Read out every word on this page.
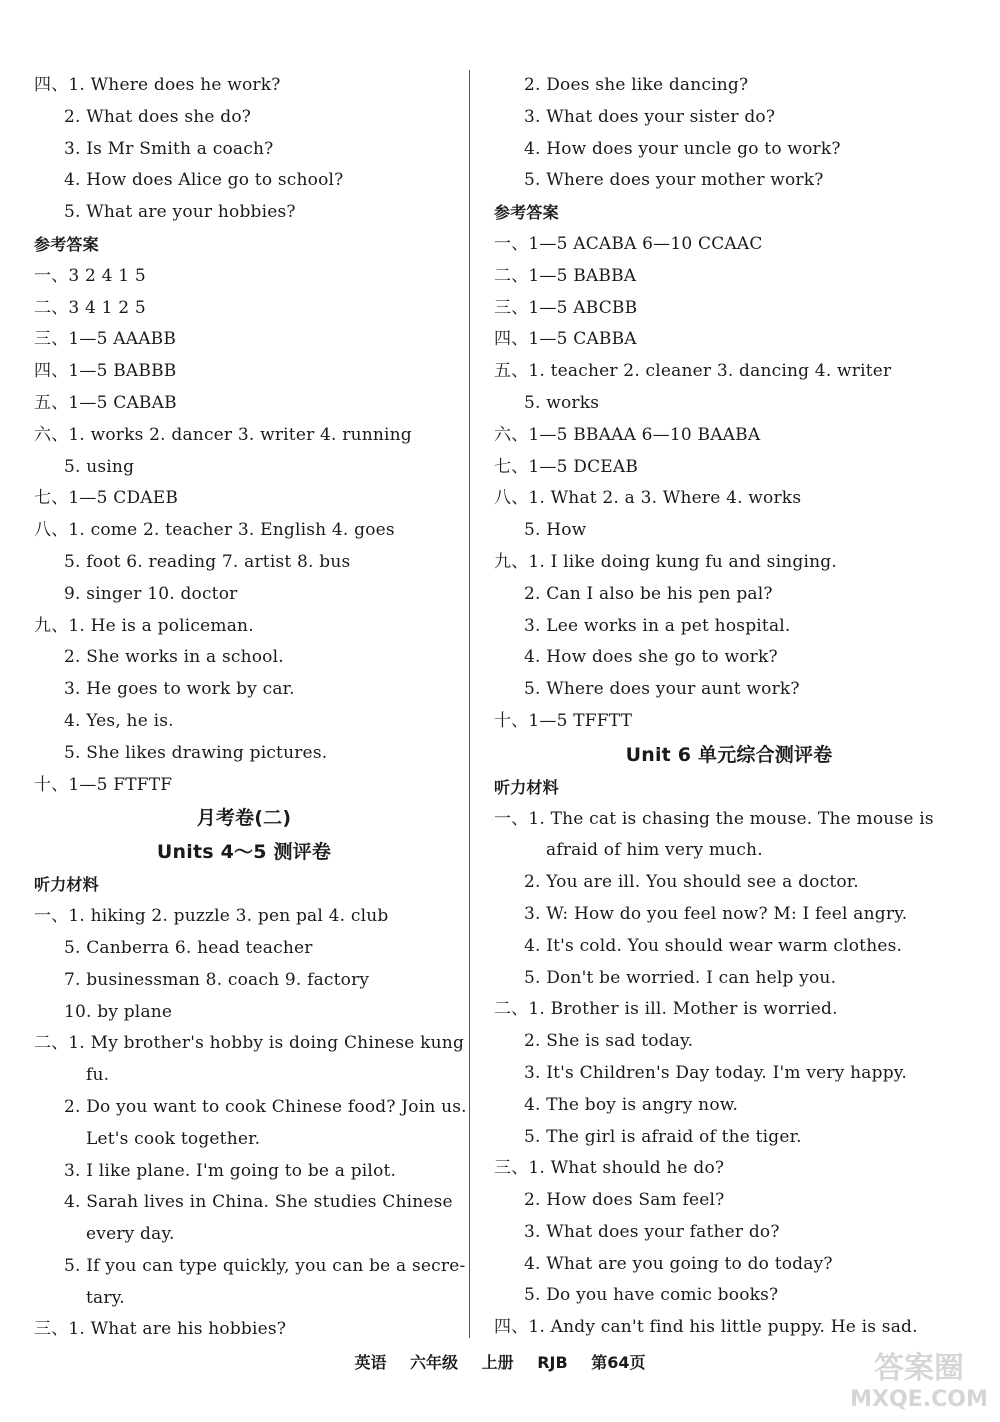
四、1. Where does he work?
2. What does she do?
3. Is Mr Smith a coach?
4. How does Alice go to school?
5. What are your hobbies?
参考答案
一、3 2 4 1 5
二、3 4 1 2 5
三、1—5 AAABB
四、1—5 BABBB
五、1—5 CABAB
六、1. works 2. dancer 3. writer 4. running
5. using
七、1—5 CDAEB
八、1. come 2. teacher 3. English 4. goes
5. foot 6. reading 7. artist 8. bus
9. singer 10. doctor
九、1. He is a policeman.
2. She works in a school.
3. He goes to work by car.
4. Yes, he is.
5. She likes drawing pictures.
十、1—5 FTFTF
月考卷(二)
Units 4～5 测评卷
听力材料
一、1. hiking 2. puzzle 3. pen pal 4. club
5. Canberra 6. head teacher
7. businessman 8. coach 9. factory
10. by plane
二、1. My brother's hobby is doing Chinese kung
fu.
2. Do you want to cook Chinese food? Join us.
Let's cook together.
3. I like plane. I'm going to be a pilot.
4. Sarah lives in China. She studies Chinese
every day.
5. If you can type quickly, you can be a secre-
tary.
三、1. What are his hobbies?
2. Does she like dancing?
3. What does your sister do?
4. How does your uncle go to work?
5. Where does your mother work?
参考答案
一、1—5 ACABA 6—10 CCAAC
二、1—5 BABBA
三、1—5 ABCBB
四、1—5 CABBA
五、1. teacher 2. cleaner 3. dancing 4. writer
5. works
六、1—5 BBAAA 6—10 BAABA
七、1—5 DCEAB
八、1. What 2. a 3. Where 4. works
5. How
九、1. I like doing kung fu and singing.
2. Can I also be his pen pal?
3. Lee works in a pet hospital.
4. How does she go to work?
5. Where does your aunt work?
十、1—5 TFFTT
Unit 6 单元综合测评卷
听力材料
一、1. The cat is chasing the mouse. The mouse is
afraid of him very much.
2. You are ill. You should see a doctor.
3. W: How do you feel now? M: I feel angry.
4. It's cold. You should wear warm clothes.
5. Don't be worried. I can help you.
二、1. Brother is ill. Mother is worried.
2. She is sad today.
3. It's Children's Day today. I'm very happy.
4. The boy is angry now.
5. The girl is afraid of the tiger.
三、1. What should he do?
2. How does Sam feel?
3. What does your father do?
4. What are you going to do today?
5. Do you have comic books?
四、1. Andy can't find his little puppy. He is sad.
英语 六年级 上册 RJB 第64页	答案圈
MXQE.COM
